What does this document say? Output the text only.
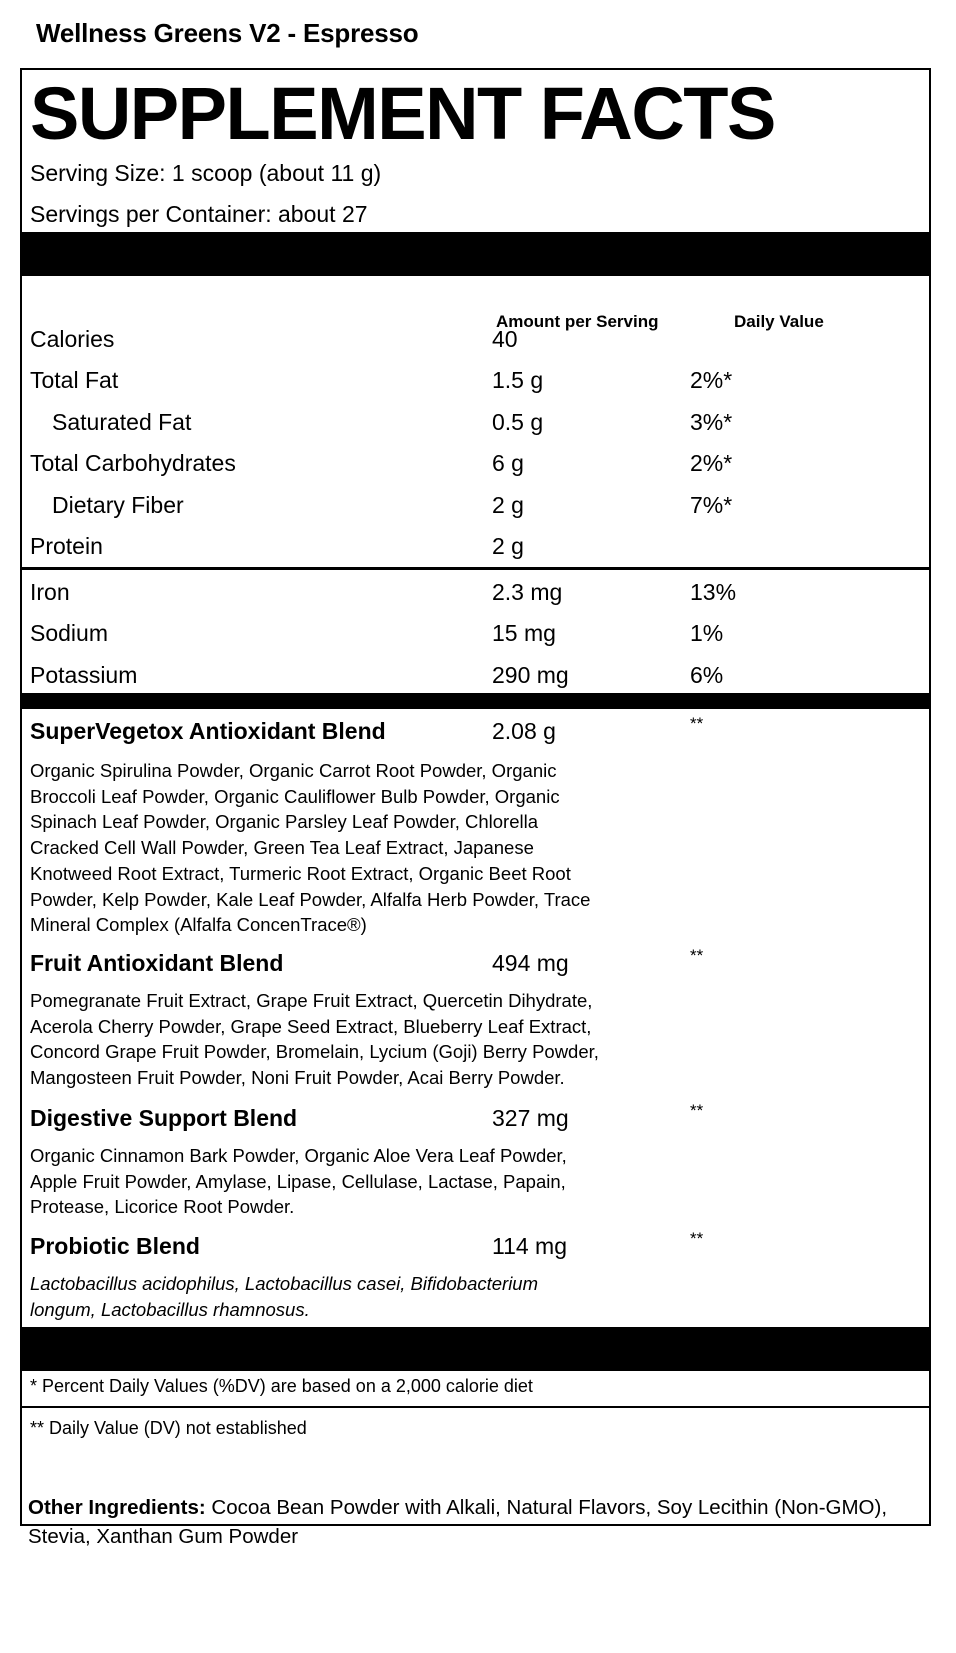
Wellness Greens V2 - Espresso
SUPPLEMENT FACTS
Serving Size: 1 scoop (about 11 g)
Servings per Container: about 27
Amount per Serving	Daily Value
Calories	40
Total Fat	1.5 g	2%*
Saturated Fat	0.5 g	3%*
Total Carbohydrates	6 g	2%*
Dietary Fiber	2 g	7%*
Protein	2 g
Iron	2.3 mg	13%
Sodium	15 mg	1%
Potassium	290 mg	6%
SuperVegetox Antioxidant Blend	2.08 g	**
Organic Spirulina Powder, Organic Carrot Root Powder, Organic
Broccoli Leaf Powder, Organic Cauliflower Bulb Powder, Organic
Spinach Leaf Powder, Organic Parsley Leaf Powder, Chlorella
Cracked Cell Wall Powder, Green Tea Leaf Extract, Japanese
Knotweed Root Extract, Turmeric Root Extract, Organic Beet Root
Powder, Kelp Powder, Kale Leaf Powder, Alfalfa Herb Powder, Trace
Mineral Complex (Alfalfa ConcenTrace®)
Fruit Antioxidant Blend	494 mg	**
Pomegranate Fruit Extract, Grape Fruit Extract, Quercetin Dihydrate,
Acerola Cherry Powder, Grape Seed Extract, Blueberry Leaf Extract,
Concord Grape Fruit Powder, Bromelain, Lycium (Goji) Berry Powder,
Mangosteen Fruit Powder, Noni Fruit Powder, Acai Berry Powder.
Digestive Support Blend	327 mg	**
Organic Cinnamon Bark Powder, Organic Aloe Vera Leaf Powder,
Apple Fruit Powder, Amylase, Lipase, Cellulase, Lactase, Papain,
Protease, Licorice Root Powder.
Probiotic Blend	114 mg	**
Lactobacillus acidophilus, Lactobacillus casei, Bifidobacterium
longum, Lactobacillus rhamnosus.
* Percent Daily Values (%DV) are based on a 2,000 calorie diet
** Daily Value (DV) not established
Other Ingredients: Cocoa Bean Powder with Alkali, Natural Flavors, Soy Lecithin (Non-GMO), Stevia, Xanthan Gum Powder
